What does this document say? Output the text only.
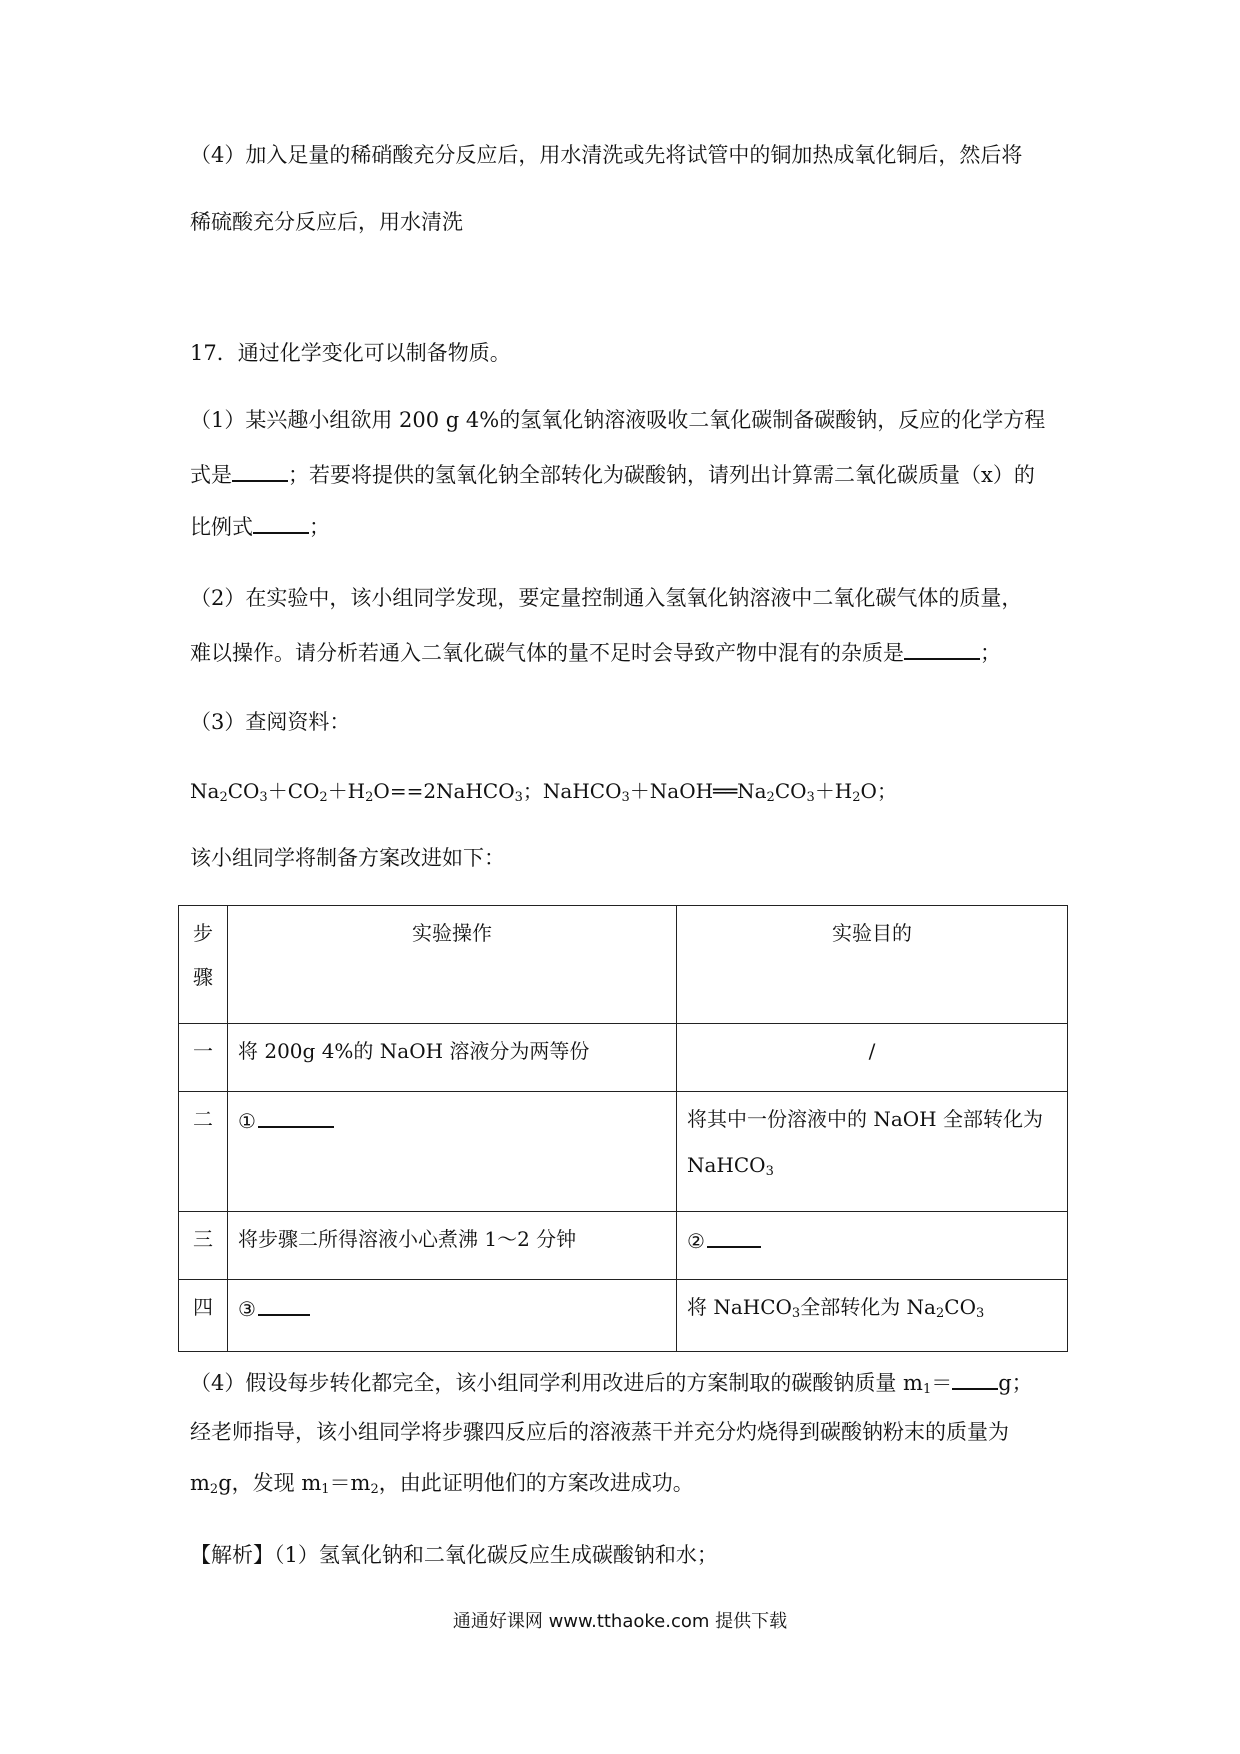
（4）加入足量的稀硝酸充分反应后，用水清洗或先将试管中的铜加热成氧化铜后，然后将
稀硫酸充分反应后，用水清洗
17．通过化学变化可以制备物质。
（1）某兴趣小组欲用 200 g 4%的氢氧化钠溶液吸收二氧化碳制备碳酸钠，反应的化学方程
式是	；若要将提供的氢氧化钠全部转化为碳酸钠，请列出计算需二氧化碳质量（x）的
比例式	；
（2）在实验中，该小组同学发现，要定量控制通入氢氧化钠溶液中二氧化碳气体的质量，
难以操作。请分析若通入二氧化碳气体的量不足时会导致产物中混有的杂质是	；
（3）查阅资料：
$Na_2CO_3+CO_2+H_2O==2NaHCO_3$；$NaHCO_3+NaOH══Na_2CO_3+H_2O$；
该小组同学将制备方案改进如下：
步
骤	实验操作	实验目的
一	将 200g 4%的 NaOH 溶液分为两等份	/
二	①	将其中一份溶液中的 NaOH 全部转化为
NaHCO$_3$

三	将步骤二所得溶液小心煮沸 1～2 分钟	②
四	③	将 NaHCO$_3$全部转化为 $Na_2CO_3$
（4）假设每步转化都完全，该小组同学利用改进后的方案制取的碳酸钠质量 $m_1= g$；
经老师指导，该小组同学将步骤四反应后的溶液蒸干并充分灼烧得到碳酸钠粉末的质量为
$m_2g$，发现 $m_1=m_2$，由此证明他们的方案改进成功。
【解析】（1）氢氧化钠和二氧化碳反应生成碳酸钠和水；
通通好课网 www.tthaoke.com 提供下载
